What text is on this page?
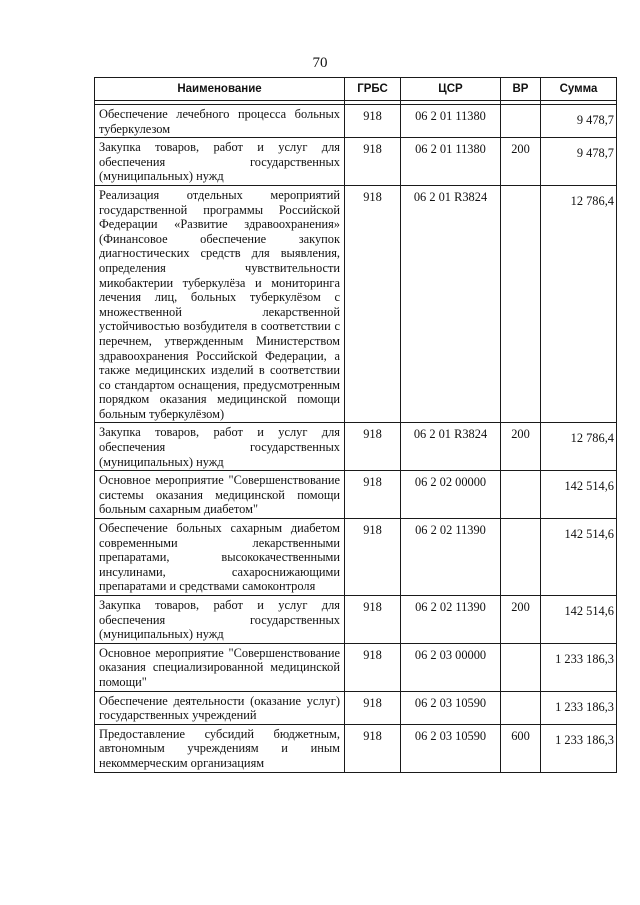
70
Наименование	ГРБС	ЦСР	ВР	Сумма

Обеспечение лечебного процесса больных туберкулезом	918	06 2 01 11380		9 478,7
Закупка товаров, работ и услуг для обеспечения государственных (муниципальных) нужд	918	06 2 01 11380	200	9 478,7
Реализация отдельных мероприятий государственной программы Российской Федерации «Развитие здравоохранения» (Финансовое обеспечение закупок диагностических средств для выявления, определения чувствительности микобактерии туберкулёза и мониторинга лечения лиц, больных туберкулёзом с множественной лекарственной устойчивостью возбудителя в соответствии с перечнем, утвержденным Министерством здравоохранения Российской Федерации, а также медицинских изделий в соответствии со стандартом оснащения, предусмотренным порядком оказания медицинской помощи больным туберкулёзом)	918	06 2 01 R3824		12 786,4
Закупка товаров, работ и услуг для обеспечения государственных (муниципальных) нужд	918	06 2 01 R3824	200	12 786,4
Основное мероприятие "Совершенствование системы оказания медицинской помощи больным сахарным диабетом"	918	06 2 02 00000		142 514,6
Обеспечение больных сахарным диабетом современными лекарственными препаратами, высококачественными инсулинами, сахароснижающими препаратами и средствами самоконтроля	918	06 2 02 11390		142 514,6
Закупка товаров, работ и услуг для обеспечения государственных (муниципальных) нужд	918	06 2 02 11390	200	142 514,6
Основное мероприятие "Совершенствование оказания специализированной медицинской помощи"	918	06 2 03 00000		1 233 186,3
Обеспечение деятельности (оказание услуг) государственных учреждений	918	06 2 03 10590		1 233 186,3
Предоставление субсидий бюджетным, автономным учреждениям и иным некоммерческим организациям	918	06 2 03 10590	600	1 233 186,3
